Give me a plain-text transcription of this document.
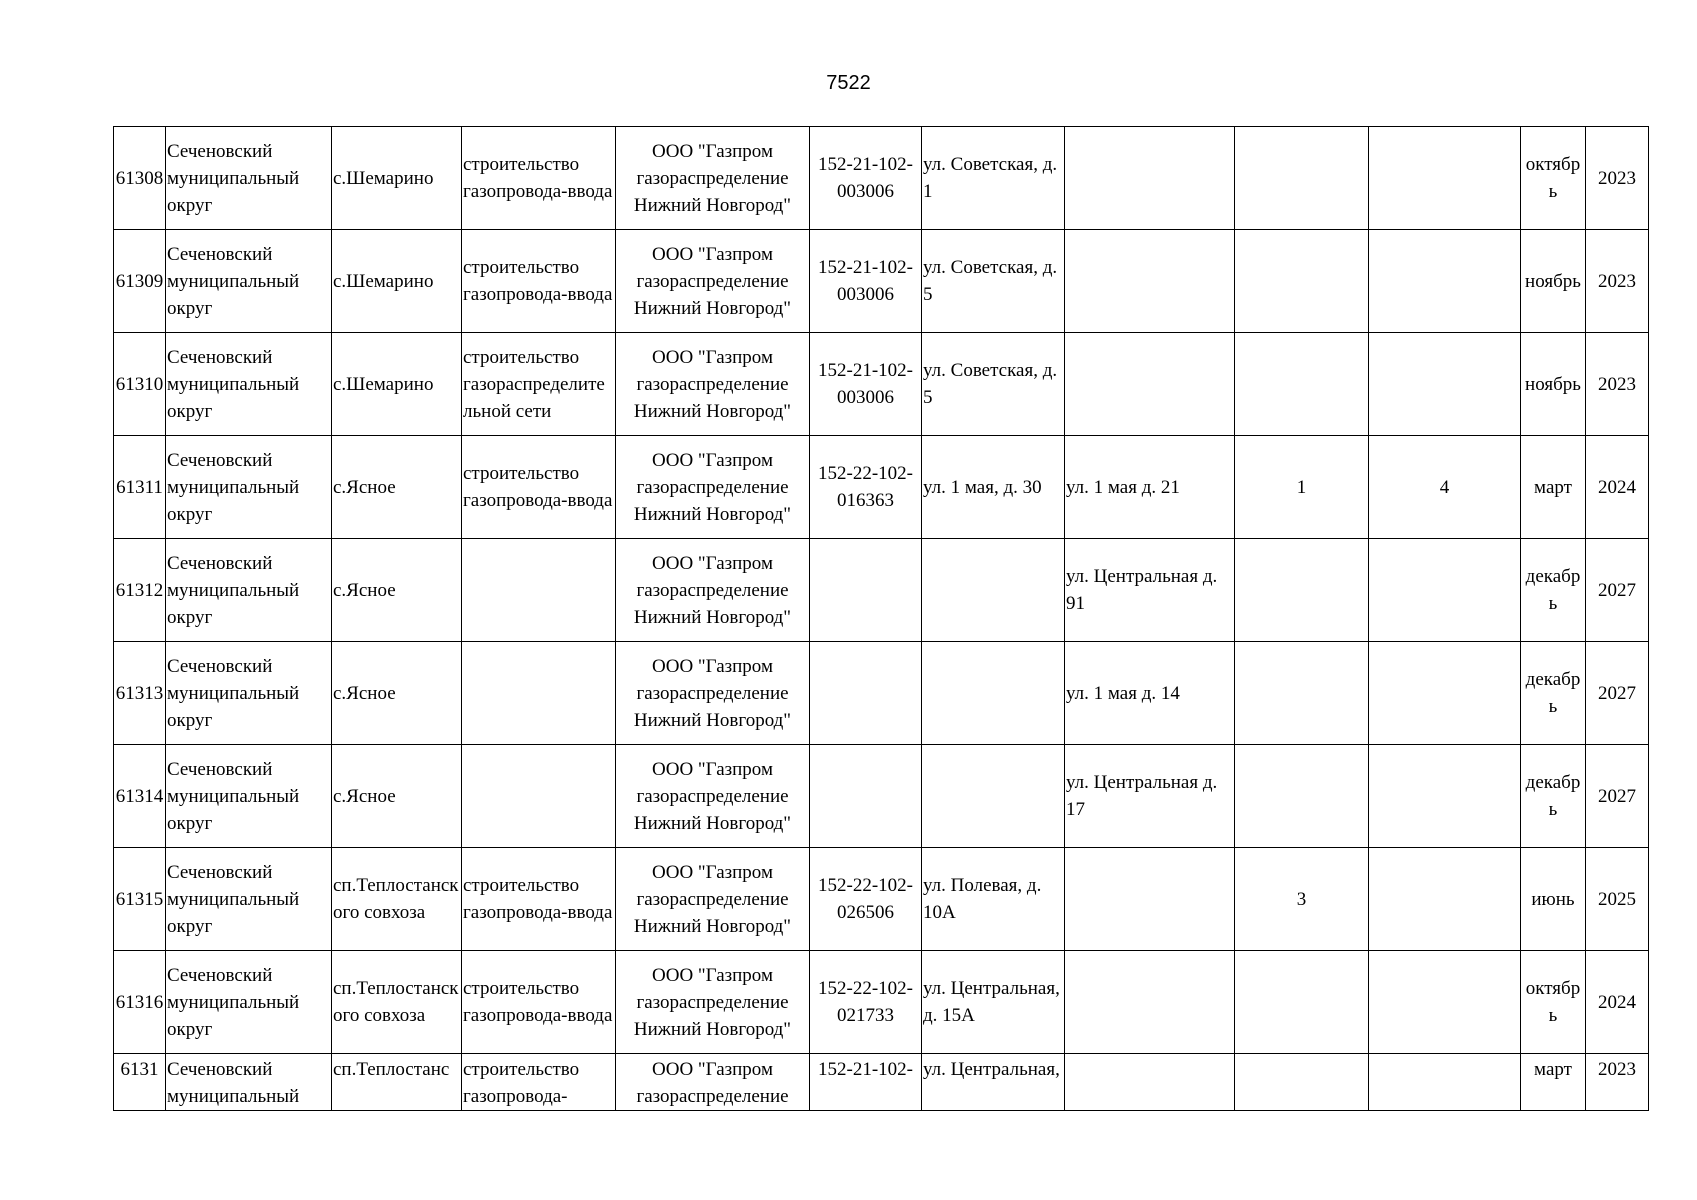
7522
61308	Сеченовский муниципальный округ	с.Шемарино	строительство газопровода-ввода	ООО "Газпром газораспределение Нижний Новгород"	152-21-102-003006	ул. Советская, д. 1				октябрь	2023
61309	Сеченовский муниципальный округ	с.Шемарино	строительство газопровода-ввода	ООО "Газпром газораспределение Нижний Новгород"	152-21-102-003006	ул. Советская, д. 5				ноябрь	2023
61310	Сеченовский муниципальный округ	с.Шемарино	строительство газораспределительной сети	ООО "Газпром газораспределение Нижний Новгород"	152-21-102-003006	ул. Советская, д. 5				ноябрь	2023
61311	Сеченовский муниципальный округ	с.Ясное	строительство газопровода-ввода	ООО "Газпром газораспределение Нижний Новгород"	152-22-102-016363	ул. 1 мая, д. 30	ул. 1 мая д. 21	1	4	март	2024
61312	Сеченовский муниципальный округ	с.Ясное		ООО "Газпром газораспределение Нижний Новгород"			ул. Центральная д. 91			декабрь	2027
61313	Сеченовский муниципальный округ	с.Ясное		ООО "Газпром газораспределение Нижний Новгород"			ул. 1 мая д. 14			декабрь	2027
61314	Сеченовский муниципальный округ	с.Ясное		ООО "Газпром газораспределение Нижний Новгород"			ул. Центральная д. 17			декабрь	2027
61315	Сеченовский муниципальный округ	сп.Теплостанского совхоза	строительство газопровода-ввода	ООО "Газпром газораспределение Нижний Новгород"	152-22-102-026506	ул. Полевая, д. 10А		3		июнь	2025
61316	Сеченовский муниципальный округ	сп.Теплостанского совхоза	строительство газопровода-ввода	ООО "Газпром газораспределение Нижний Новгород"	152-22-102-021733	ул. Центральная, д. 15А				октябрь	2024
6131	Сеченовский муниципальный	сп.Теплостанс	строительство газопровода-	ООО "Газпром газораспределение	152-21-102-	ул. Центральная,				март	2023
